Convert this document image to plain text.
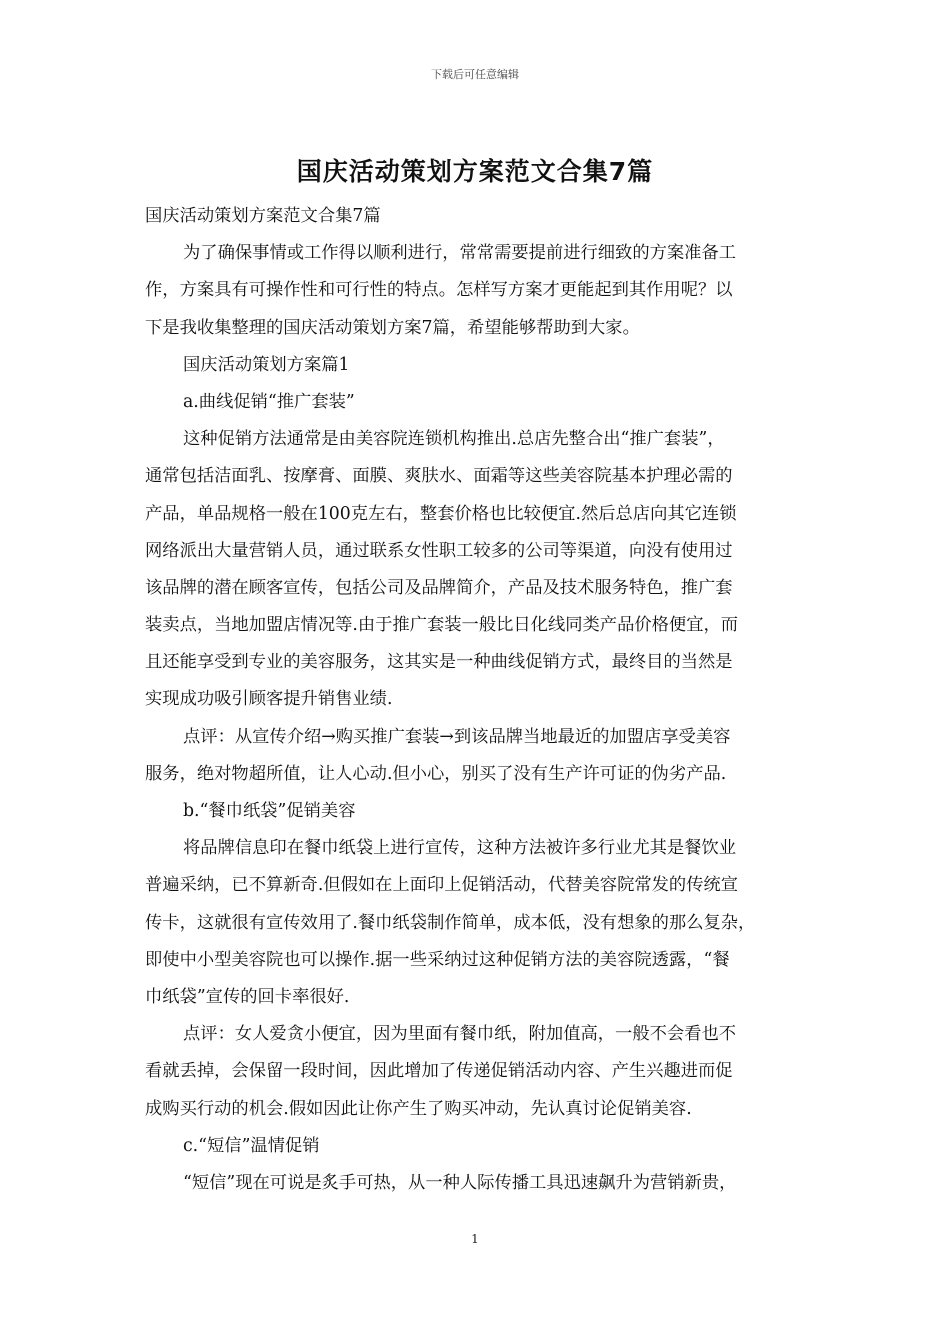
下载后可任意编辑
国庆活动策划方案范文合集7篇
国庆活动策划方案范文合集7篇
为了确保事情或工作得以顺利进行，常常需要提前进行细致的方案准备工
作，方案具有可操作性和可行性的特点。怎样写方案才更能起到其作用呢？以
下是我收集整理的国庆活动策划方案7篇，希望能够帮助到大家。
国庆活动策划方案篇1
a.曲线促销“推广套装”
这种促销方法通常是由美容院连锁机构推出.总店先整合出“推广套装”，
通常包括洁面乳、按摩膏、面膜、爽肤水、面霜等这些美容院基本护理必需的
产品，单品规格一般在100克左右，整套价格也比较便宜.然后总店向其它连锁
网络派出大量营销人员，通过联系女性职工较多的公司等渠道，向没有使用过
该品牌的潜在顾客宣传，包括公司及品牌简介，产品及技术服务特色，推广套
装卖点，当地加盟店情况等.由于推广套装一般比日化线同类产品价格便宜，而
且还能享受到专业的美容服务，这其实是一种曲线促销方式，最终目的当然是
实现成功吸引顾客提升销售业绩.
点评：从宣传介绍→购买推广套装→到该品牌当地最近的加盟店享受美容
服务，绝对物超所值，让人心动.但小心，别买了没有生产许可证的伪劣产品.
b.“餐巾纸袋”促销美容
将品牌信息印在餐巾纸袋上进行宣传，这种方法被许多行业尤其是餐饮业
普遍采纳，已不算新奇.但假如在上面印上促销活动，代替美容院常发的传统宣
传卡，这就很有宣传效用了.餐巾纸袋制作简单，成本低，没有想象的那么复杂，
即使中小型美容院也可以操作.据一些采纳过这种促销方法的美容院透露，“餐
巾纸袋”宣传的回卡率很好.
点评：女人爱贪小便宜，因为里面有餐巾纸，附加值高，一般不会看也不
看就丢掉，会保留一段时间，因此增加了传递促销活动内容、产生兴趣进而促
成购买行动的机会.假如因此让你产生了购买冲动，先认真讨论促销美容.
c.“短信”温情促销
“短信”现在可说是炙手可热，从一种人际传播工具迅速飙升为营销新贵，
1
